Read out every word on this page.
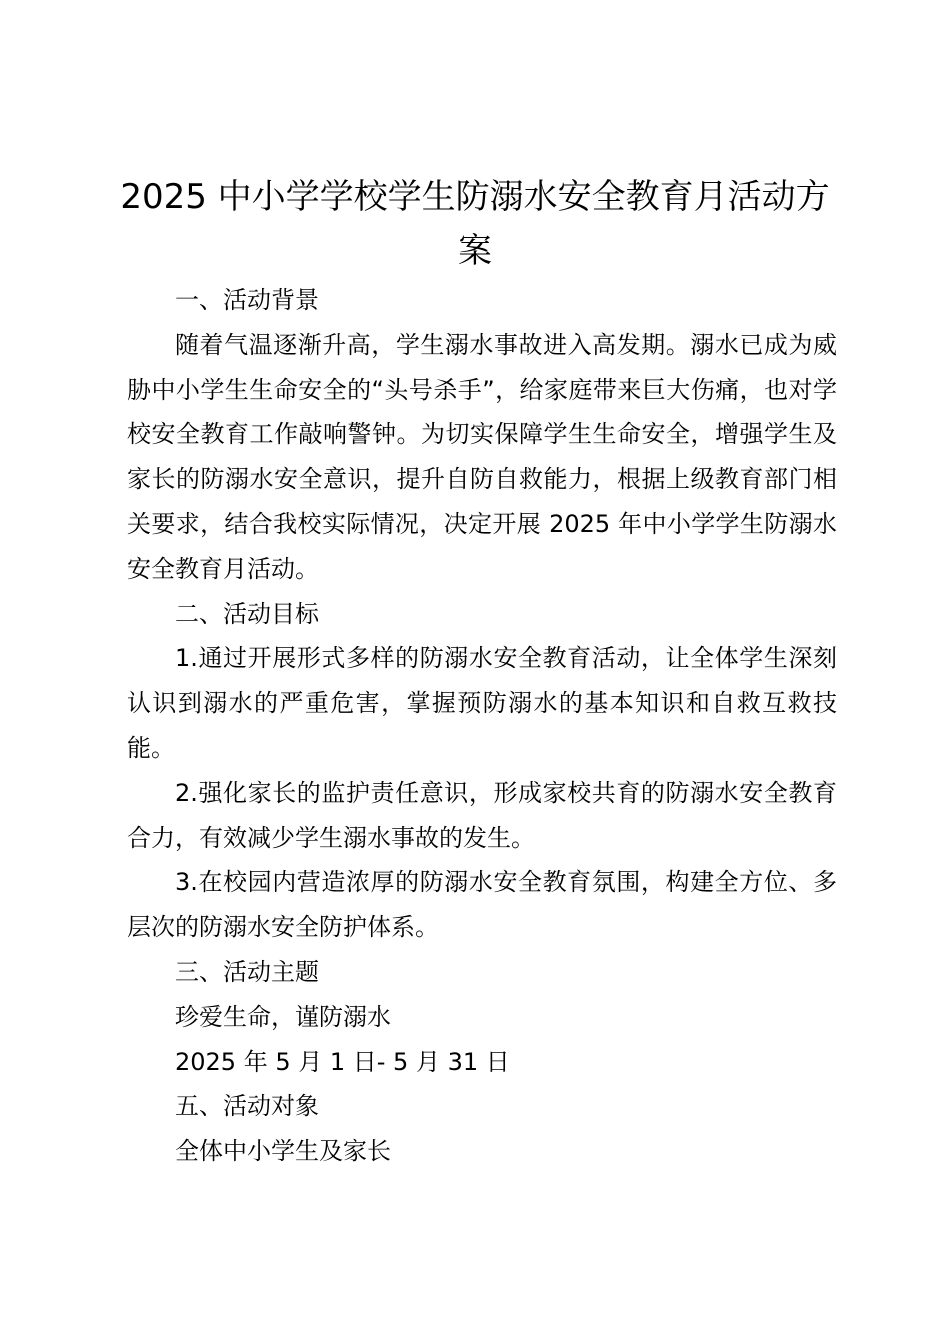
2025 中小学学校学生防溺水安全教育月活动方案

一、活动背景

随着气温逐渐升高，学生溺水事故进入高发期。溺水已成为威胁中小学生生命安全的“头号杀手”，给家庭带来巨大伤痛，也对学校安全教育工作敲响警钟。为切实保障学生生命安全，增强学生及家长的防溺水安全意识，提升自防自救能力，根据上级教育部门相关要求，结合我校实际情况，决定开展 2025 年中小学学生防溺水安全教育月活动。

二、活动目标

1.通过开展形式多样的防溺水安全教育活动，让全体学生深刻认识到溺水的严重危害，掌握预防溺水的基本知识和自救互救技能。

2.强化家长的监护责任意识，形成家校共育的防溺水安全教育合力，有效减少学生溺水事故的发生。

3.在校园内营造浓厚的防溺水安全教育氛围，构建全方位、多层次的防溺水安全防护体系。

三、活动主题

珍爱生命，谨防溺水

2025 年 5 月 1 日- 5 月 31 日

五、活动对象

全体中小学生及家长
